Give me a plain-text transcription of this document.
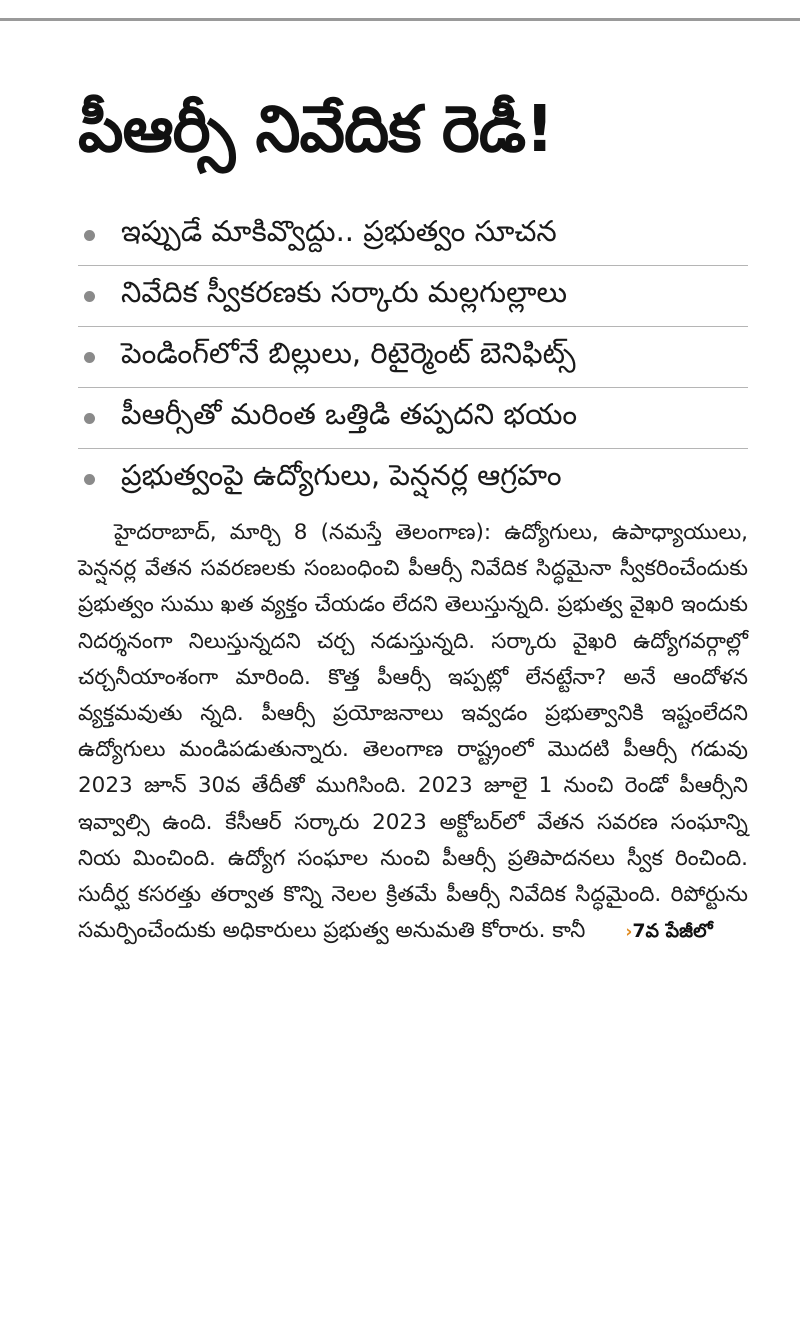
పీఆర్సీ నివేదిక రెడీ!
ఇప్పుడే మాకివ్వొద్దు.. ప్రభుత్వం సూచన
నివేదిక స్వీకరణకు సర్కారు మల్లగుల్లాలు
పెండింగ్‌లోనే బిల్లులు, రిటైర్మెంట్ బెనిఫిట్స్
పీఆర్సీతో మరింత ఒత్తిడి తప్పదని భయం
ప్రభుత్వంపై ఉద్యోగులు, పెన్షనర్ల ఆగ్రహం

హైదరాబాద్, మార్చి 8 (నమస్తే తెలంగాణ): ఉద్యోగులు, ఉపాధ్యాయులు, పెన్షనర్ల వేతన సవరణలకు సంబంధించి పీఆర్సీ నివేదిక సిద్ధమైనా స్వీకరించేందుకు ప్రభుత్వం సుము ఖత వ్యక్తం చేయడం లేదని తెలుస్తున్నది. ప్రభుత్వ వైఖరి ఇందుకు నిదర్శనంగా నిలుస్తున్నదని చర్చ నడుస్తున్నది. సర్కారు వైఖరి ఉద్యోగవర్గాల్లో చర్చనీయాంశంగా మారింది. కొత్త పీఆర్సీ ఇప్పట్లో లేనట్టేనా? అనే ఆందోళన వ్యక్తమవుతు న్నది. పీఆర్సీ ప్రయోజనాలు ఇవ్వడం ప్రభుత్వానికి ఇష్టంలేదని ఉద్యోగులు మండిపడుతున్నారు. తెలంగాణ రాష్ట్రంలో మొదటి పీఆర్సీ గడువు 2023 జూన్ 30వ తేదీతో ముగిసింది. 2023 జూలై 1 నుంచి రెండో పీఆర్సీని ఇవ్వాల్సి ఉంది. కేసీఆర్ సర్కారు 2023 అక్టోబర్‌లో వేతన సవరణ సంఘాన్ని నియ మించింది. ఉద్యోగ సంఘాల నుంచి పీఆర్సీ ప్రతిపాదనలు స్వీక రించింది. సుదీర్ఘ కసరత్తు తర్వాత కొన్ని నెలల క్రితమే పీఆర్సీ నివేదిక సిద్ధమైంది. రిపోర్టును సమర్పించేందుకు అధికారులు ప్రభుత్వ అనుమతి కోరారు. కానీ ›7వ పేజీలో
